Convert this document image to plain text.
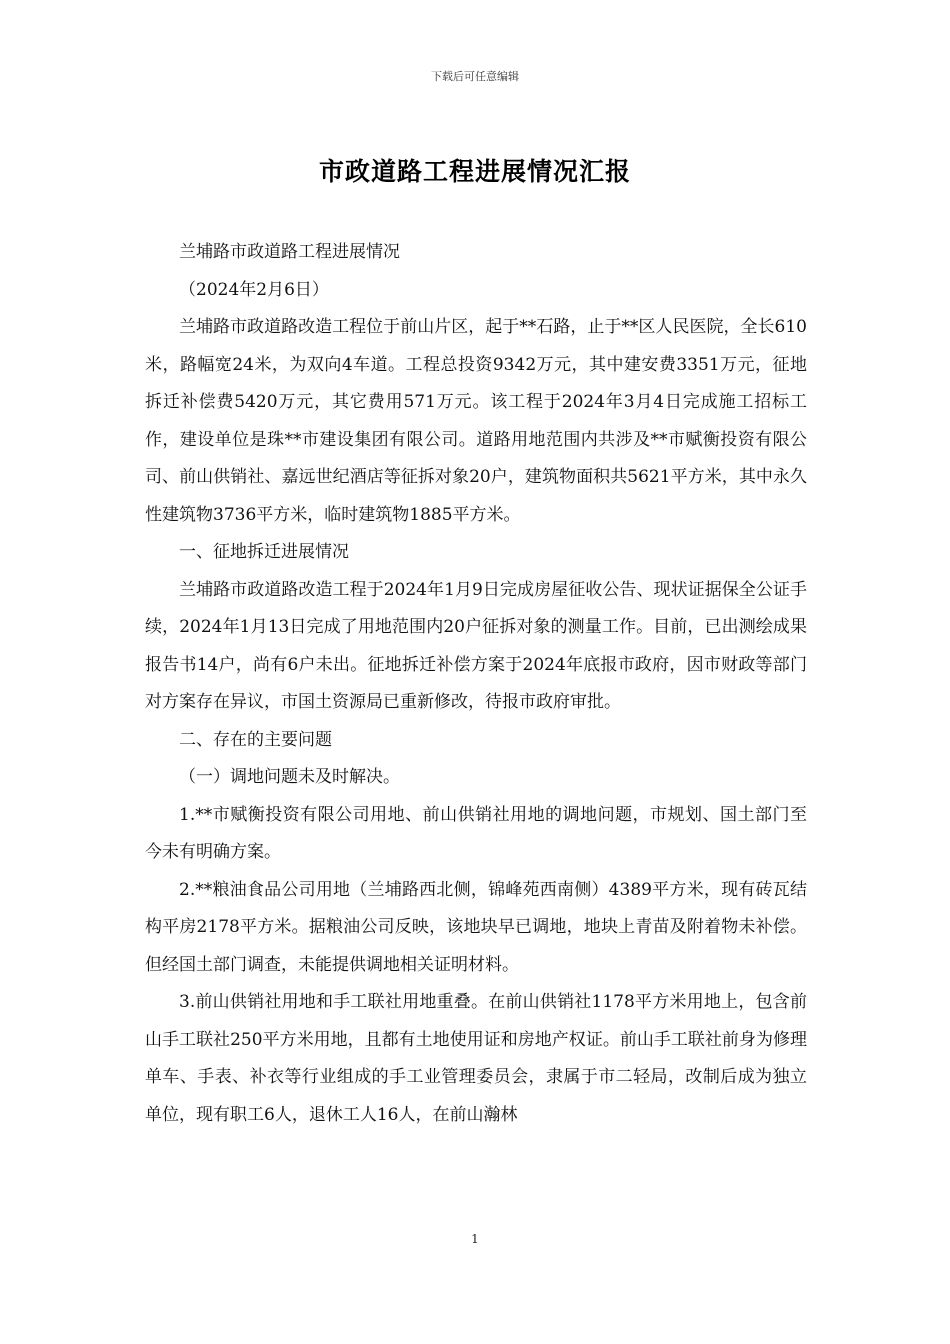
下载后可任意编辑
市政道路工程进展情况汇报

兰埔路市政道路工程进展情况

（2024年2月6日）

兰埔路市政道路改造工程位于前山片区，起于**石路，止于**区人民医院，全长610米，路幅宽24米，为双向4车道。工程总投资9342万元，其中建安费3351万元，征地拆迁补偿费5420万元，其它费用571万元。该工程于2024年3月4日完成施工招标工作，建设单位是珠**市建设集团有限公司。道路用地范围内共涉及**市赋衡投资有限公司、前山供销社、嘉远世纪酒店等征拆对象20户，建筑物面积共5621平方米，其中永久性建筑物3736平方米，临时建筑物1885平方米。

一、征地拆迁进展情况

兰埔路市政道路改造工程于2024年1月9日完成房屋征收公告、现状证据保全公证手续，2024年1月13日完成了用地范围内20户征拆对象的测量工作。目前，已出测绘成果报告书14户，尚有6户未出。征地拆迁补偿方案于2024年底报市政府，因市财政等部门对方案存在异议，市国土资源局已重新修改，待报市政府审批。

二、存在的主要问题

（一）调地问题未及时解决。

1.**市赋衡投资有限公司用地、前山供销社用地的调地问题，市规划、国土部门至今未有明确方案。

2.**粮油食品公司用地（兰埔路西北侧，锦峰苑西南侧）4389平方米，现有砖瓦结构平房2178平方米。据粮油公司反映，该地块早已调地，地块上青苗及附着物未补偿。但经国土部门调查，未能提供调地相关证明材料。

3.前山供销社用地和手工联社用地重叠。在前山供销社1178平方米用地上，包含前山手工联社250平方米用地，且都有土地使用证和房地产权证。前山手工联社前身为修理单车、手表、补衣等行业组成的手工业管理委员会，隶属于市二轻局，改制后成为独立单位，现有职工6人，退休工人16人，在前山瀚林

1
